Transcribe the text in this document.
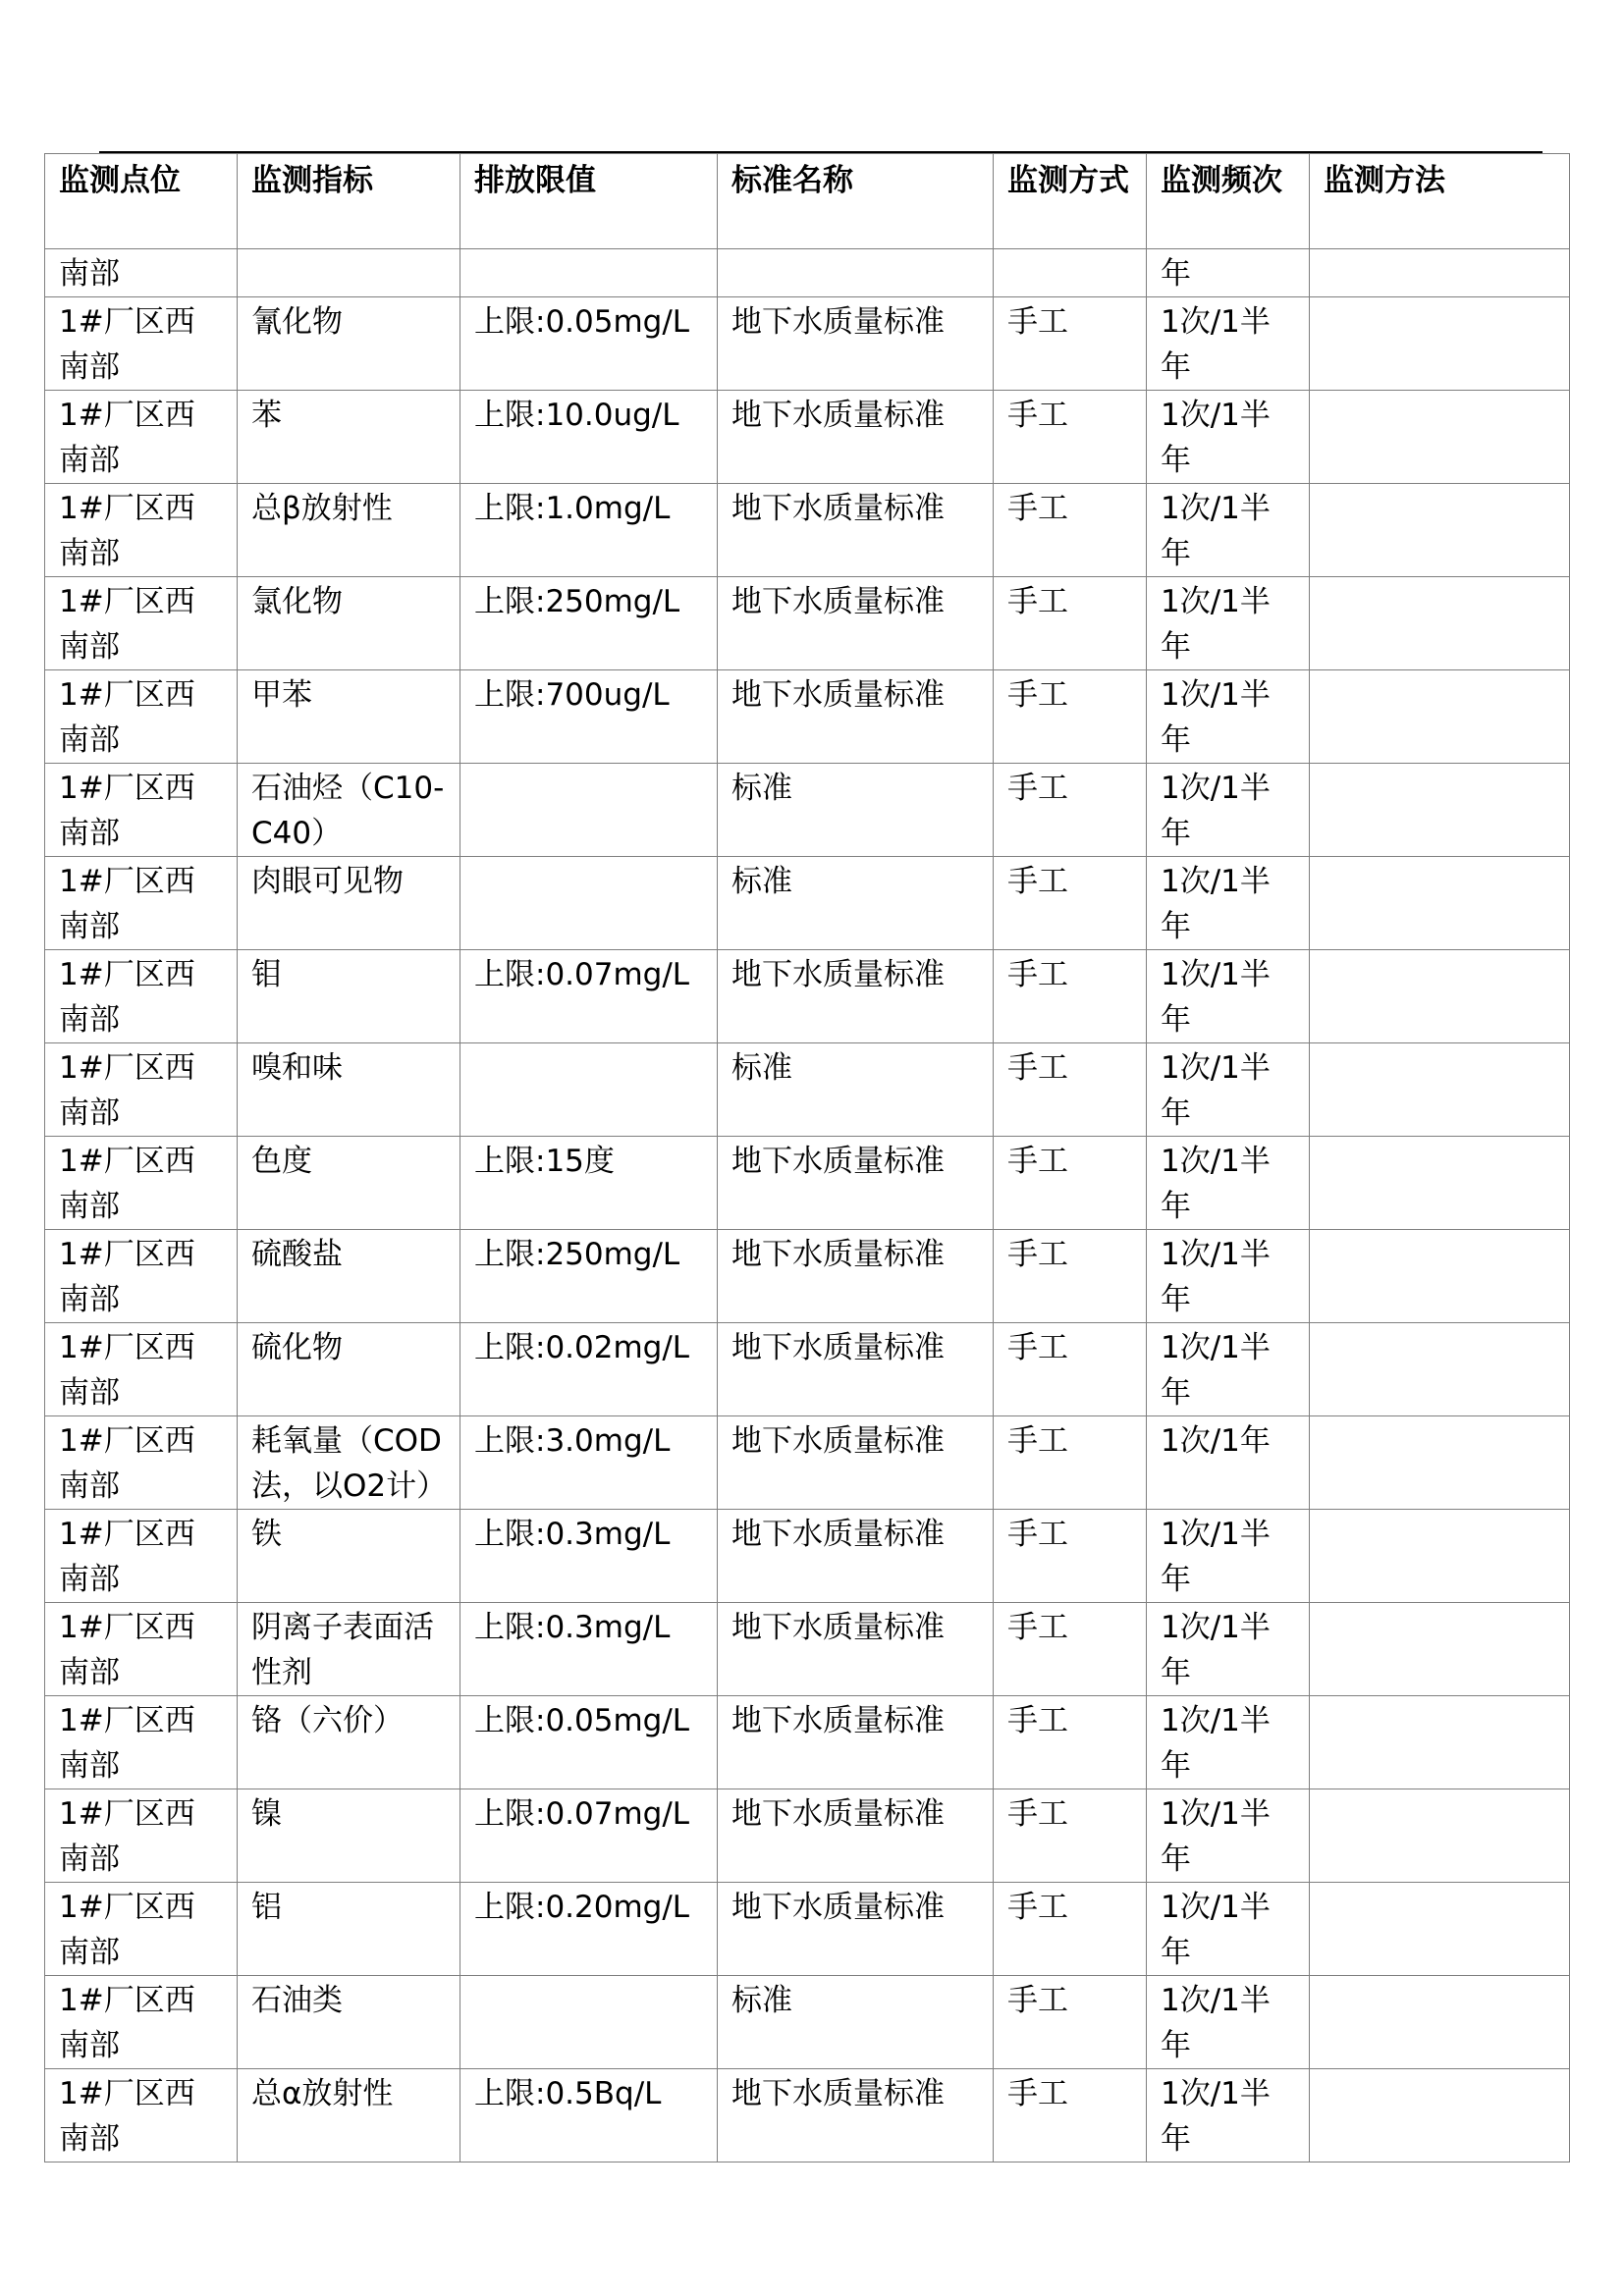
监测点位	监测指标	排放限值	标准名称	监测方式	监测频次	监测方法
南部					年	
1#厂区西南部	氰化物	上限:0.05mg/L	地下水质量标准	手工	1次/1半年	
1#厂区西南部	苯	上限:10.0ug/L	地下水质量标准	手工	1次/1半年	
1#厂区西南部	总β放射性	上限:1.0mg/L	地下水质量标准	手工	1次/1半年	
1#厂区西南部	氯化物	上限:250mg/L	地下水质量标准	手工	1次/1半年	
1#厂区西南部	甲苯	上限:700ug/L	地下水质量标准	手工	1次/1半年	
1#厂区西南部	石油烃（C10-C40）		标准	手工	1次/1半年	
1#厂区西南部	肉眼可见物		标准	手工	1次/1半年	
1#厂区西南部	钼	上限:0.07mg/L	地下水质量标准	手工	1次/1半年	
1#厂区西南部	嗅和味		标准	手工	1次/1半年	
1#厂区西南部	色度	上限:15度	地下水质量标准	手工	1次/1半年	
1#厂区西南部	硫酸盐	上限:250mg/L	地下水质量标准	手工	1次/1半年	
1#厂区西南部	硫化物	上限:0.02mg/L	地下水质量标准	手工	1次/1半年	
1#厂区西南部	耗氧量（COD法，以O2计）	上限:3.0mg/L	地下水质量标准	手工	1次/1年	
1#厂区西南部	铁	上限:0.3mg/L	地下水质量标准	手工	1次/1半年	
1#厂区西南部	阴离子表面活性剂	上限:0.3mg/L	地下水质量标准	手工	1次/1半年	
1#厂区西南部	铬（六价）	上限:0.05mg/L	地下水质量标准	手工	1次/1半年	
1#厂区西南部	镍	上限:0.07mg/L	地下水质量标准	手工	1次/1半年	
1#厂区西南部	铝	上限:0.20mg/L	地下水质量标准	手工	1次/1半年	
1#厂区西南部	石油类		标准	手工	1次/1半年	
1#厂区西南部	总α放射性	上限:0.5Bq/L	地下水质量标准	手工	1次/1半年	
